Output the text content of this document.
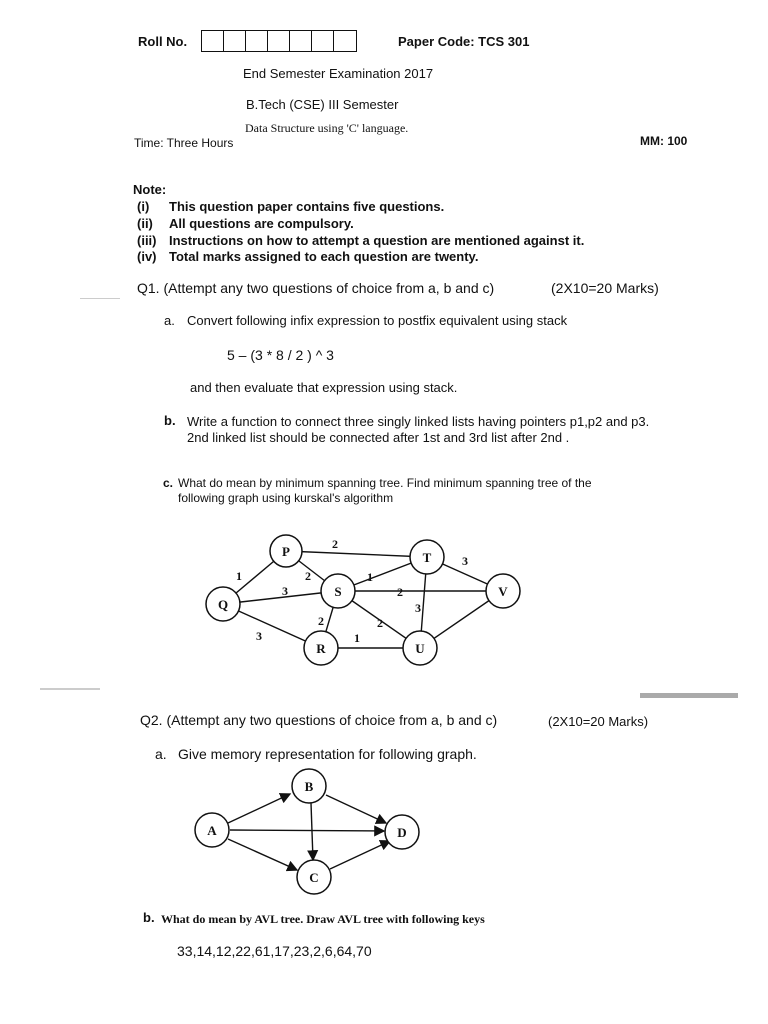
Roll No.	Paper Code: TCS 301
End Semester Examination 2017
B.Tech (CSE) III Semester
Data Structure using 'C' language.
Time: Three Hours	MM: 100
Note:
(i)	This question paper contains five questions.
(ii)	All questions are compulsory.
(iii) Instructions on how to attempt a question are mentioned against it.
(iv) Total marks assigned to each question are twenty.
Q1. (Attempt any two questions of choice from a, b and c)	(2X10=20 Marks)
a. Convert following infix expression to postfix equivalent using stack
5 – (3 * 8 / 2 ) ^ 3
and then evaluate that expression using stack.
b. Write a function to connect three singly linked lists having pointers p1,p2 and p3.
2nd linked list should be connected after 1st and 3rd list after 2nd .
c. What do mean by minimum spanning tree. Find minimum spanning tree of the
following graph using kurskal's algorithm
P
Q
S
T
V
R	U
2
1	2
3
1
3
2
3
2
2
3	1
A
B
C
D
Q2. (Attempt any two questions of choice from a, b and c)	(2X10=20 Marks)
a. Give memory representation for following graph.
b. What do mean by AVL tree. Draw AVL tree with following keys
33,14,12,22,61,17,23,2,6,64,70
